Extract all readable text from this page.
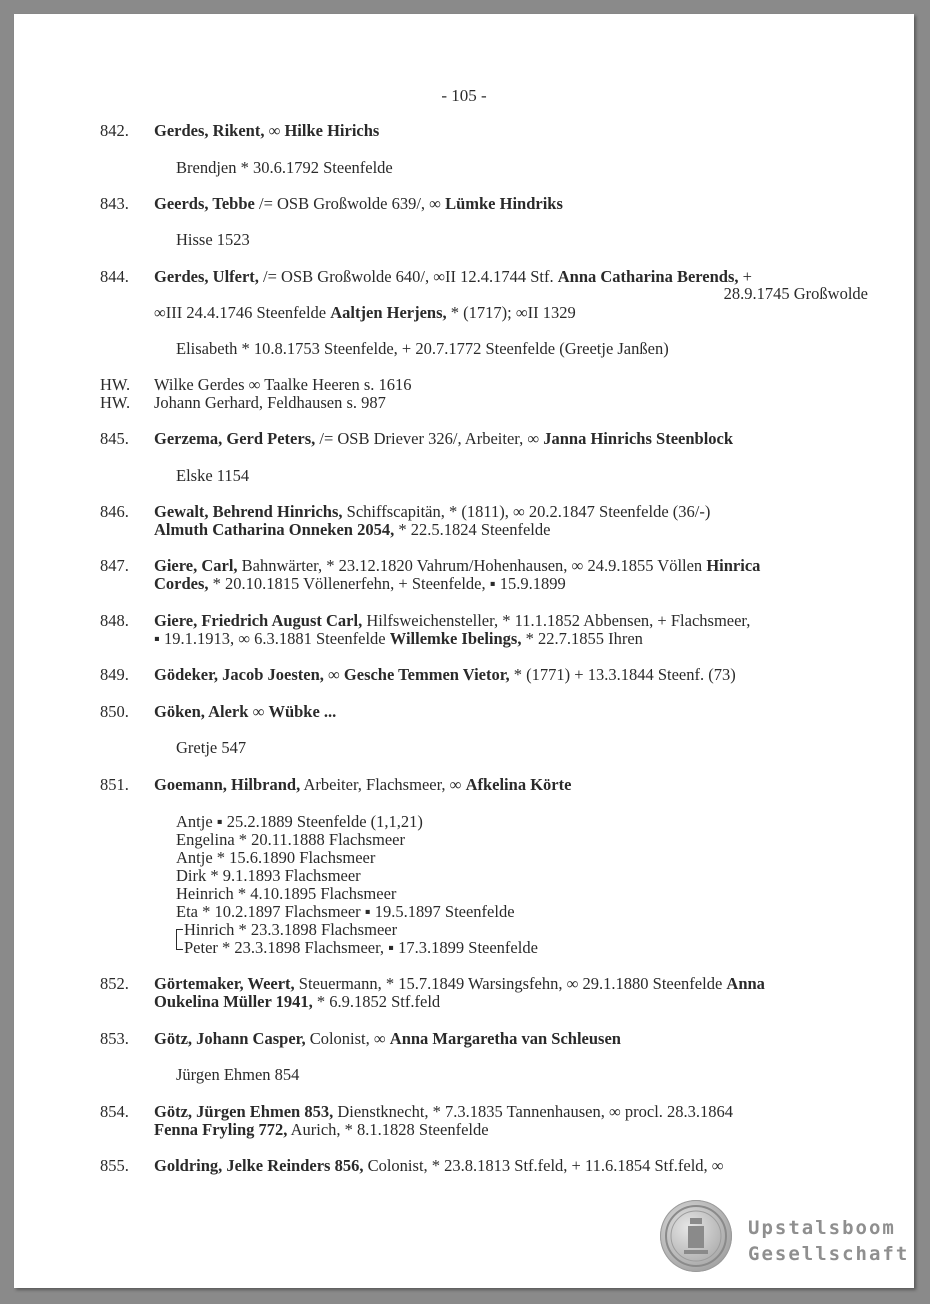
- 105 -
842. Gerdes, Rikent, ∞ Hilke Hirichs
Brendjen * 30.6.1792 Steenfelde
843. Geerds, Tebbe /= OSB Großwolde 639/, ∞ Lümke Hindriks
Hisse 1523
844. Gerdes, Ulfert, /= OSB Großwolde 640/, ∞II 12.4.1744 Stf. Anna Catharina Berends, +
28.9.1745 Großwolde
∞III 24.4.1746 Steenfelde Aaltjen Herjens, * (1717); ∞II 1329
Elisabeth * 10.8.1753 Steenfelde, + 20.7.1772 Steenfelde (Greetje Janßen)
HW. Wilke Gerdes ∞ Taalke Heeren s. 1616
HW. Johann Gerhard, Feldhausen s. 987
845. Gerzema, Gerd Peters, /= OSB Driever 326/, Arbeiter, ∞ Janna Hinrichs Steenblock
Elske 1154
846. Gewalt, Behrend Hinrichs, Schiffscapitän, * (1811), ∞ 20.2.1847 Steenfelde (36/-)
Almuth Catharina Onneken 2054, * 22.5.1824 Steenfelde
847. Giere, Carl, Bahnwärter, * 23.12.1820 Vahrum/Hohenhausen, ∞ 24.9.1855 Völlen Hinrica
Cordes, * 20.10.1815 Völlenerfehn, + Steenfelde, ▪ 15.9.1899
848. Giere, Friedrich August Carl, Hilfsweichensteller, * 11.1.1852 Abbensen, + Flachsmeer,
▪ 19.1.1913, ∞ 6.3.1881 Steenfelde Willemke Ibelings, * 22.7.1855 Ihren
849. Gödeker, Jacob Joesten, ∞ Gesche Temmen Vietor, * (1771) + 13.3.1844 Steenf. (73)
850. Göken, Alerk ∞ Wübke ...
Gretje 547
851. Goemann, Hilbrand, Arbeiter, Flachsmeer, ∞ Afkelina Körte
Antje ▪ 25.2.1889 Steenfelde (1,1,21)
Engelina * 20.11.1888 Flachsmeer
Antje * 15.6.1890 Flachsmeer
Dirk * 9.1.1893 Flachsmeer
Heinrich * 4.10.1895 Flachsmeer
Eta * 10.2.1897 Flachsmeer ▪ 19.5.1897 Steenfelde
Hinrich * 23.3.1898 Flachsmeer
Peter * 23.3.1898 Flachsmeer, ▪ 17.3.1899 Steenfelde
852. Görtemaker, Weert, Steuermann, * 15.7.1849 Warsingsfehn, ∞ 29.1.1880 Steenfelde Anna
Oukelina Müller 1941, * 6.9.1852 Stf.feld
853. Götz, Johann Casper, Colonist, ∞ Anna Margaretha van Schleusen
Jürgen Ehmen 854
854. Götz, Jürgen Ehmen 853, Dienstknecht, * 7.3.1835 Tannenhausen, ∞ procl. 28.3.1864
Fenna Fryling 772, Aurich, * 8.1.1828 Steenfelde
855. Goldring, Jelke Reinders 856, Colonist, * 23.8.1813 Stf.feld, + 11.6.1854 Stf.feld, ∞
Upstalsboom
Gesellschaft
